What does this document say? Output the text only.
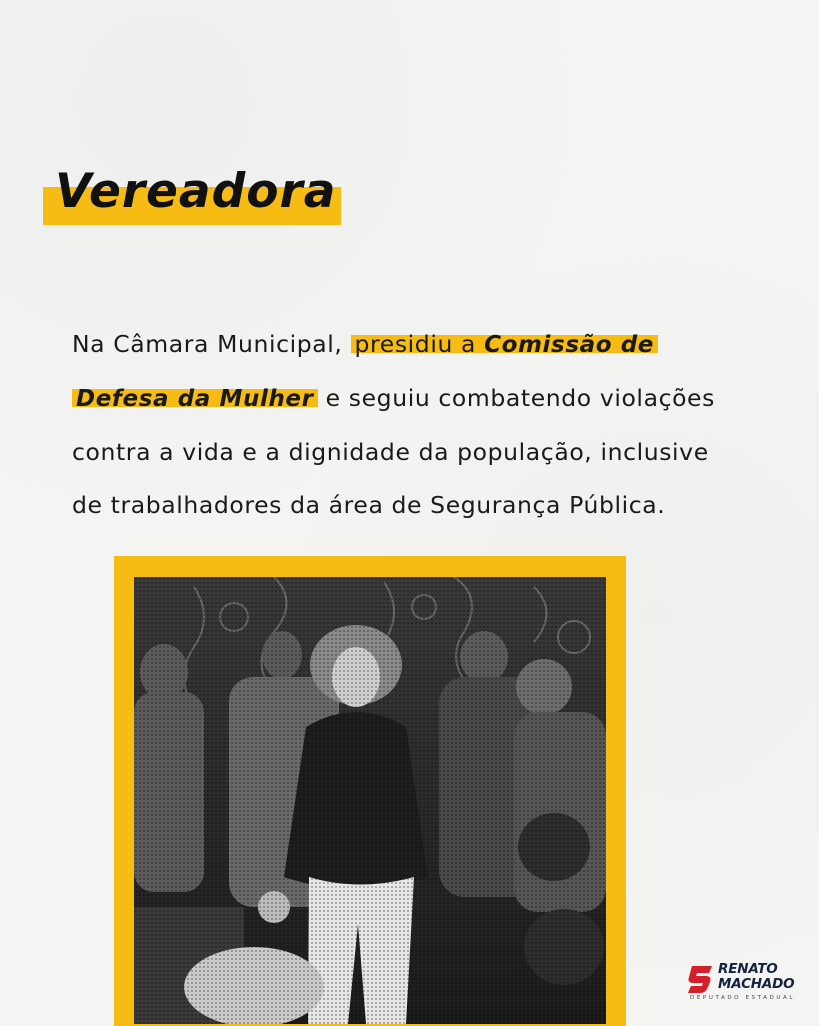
Vereadora
Na Câmara Municipal, presidiu a Comissão de
Defesa da Mulher e seguiu combatendo violações
contra a vida e a dignidade da população, inclusive
de trabalhadores da área de Segurança Pública.
RENATO
MACHADO
DEPUTADO ESTADUAL
